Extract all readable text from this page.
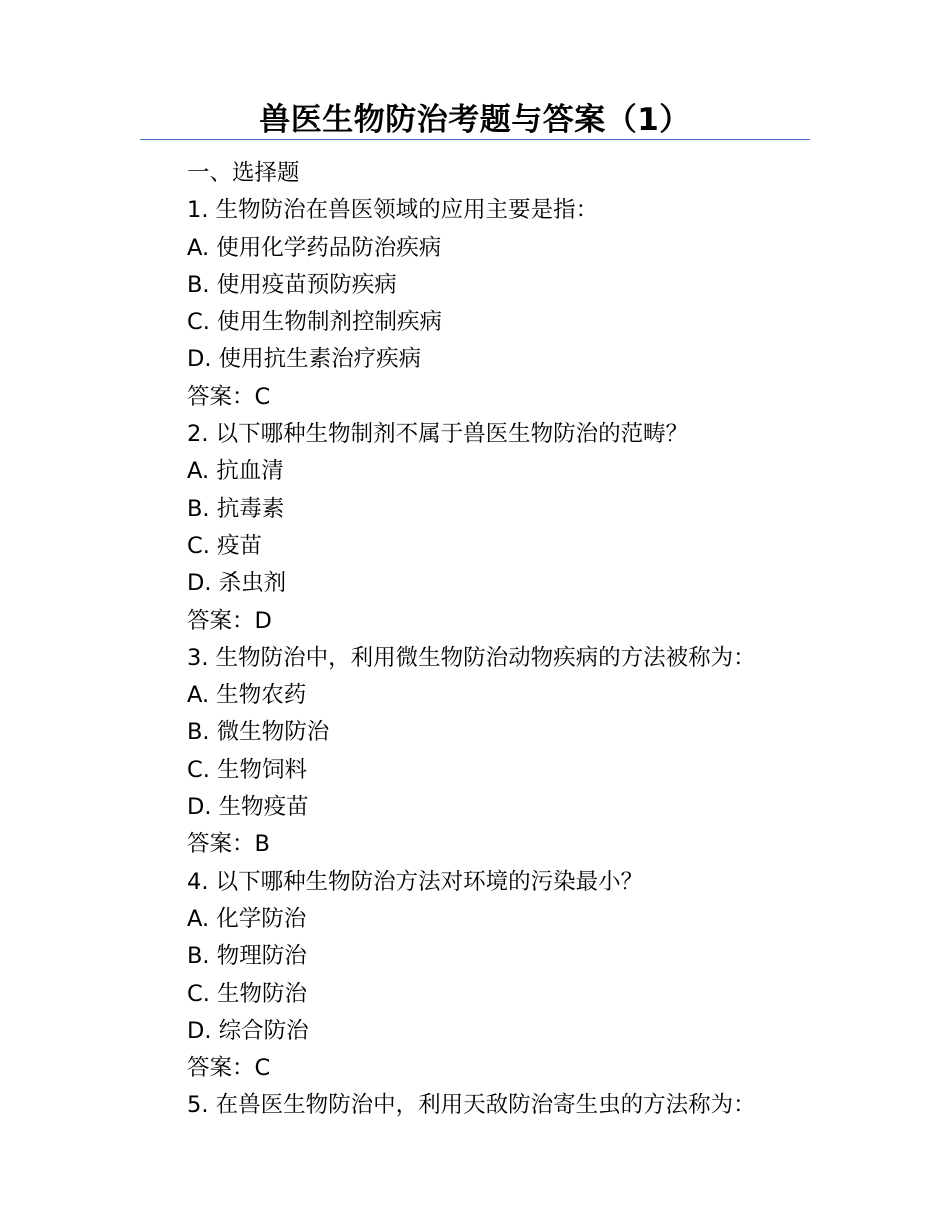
兽医生物防治考题与答案（1）
一、选择题
1. 生物防治在兽医领域的应用主要是指：
A. 使用化学药品防治疾病
B. 使用疫苗预防疾病
C. 使用生物制剂控制疾病
D. 使用抗生素治疗疾病
答案：C
2. 以下哪种生物制剂不属于兽医生物防治的范畴？
A. 抗血清
B. 抗毒素
C. 疫苗
D. 杀虫剂
答案：D
3. 生物防治中，利用微生物防治动物疾病的方法被称为：
A. 生物农药
B. 微生物防治
C. 生物饲料
D. 生物疫苗
答案：B
4. 以下哪种生物防治方法对环境的污染最小？
A. 化学防治
B. 物理防治
C. 生物防治
D. 综合防治
答案：C
5. 在兽医生物防治中，利用天敌防治寄生虫的方法称为：
